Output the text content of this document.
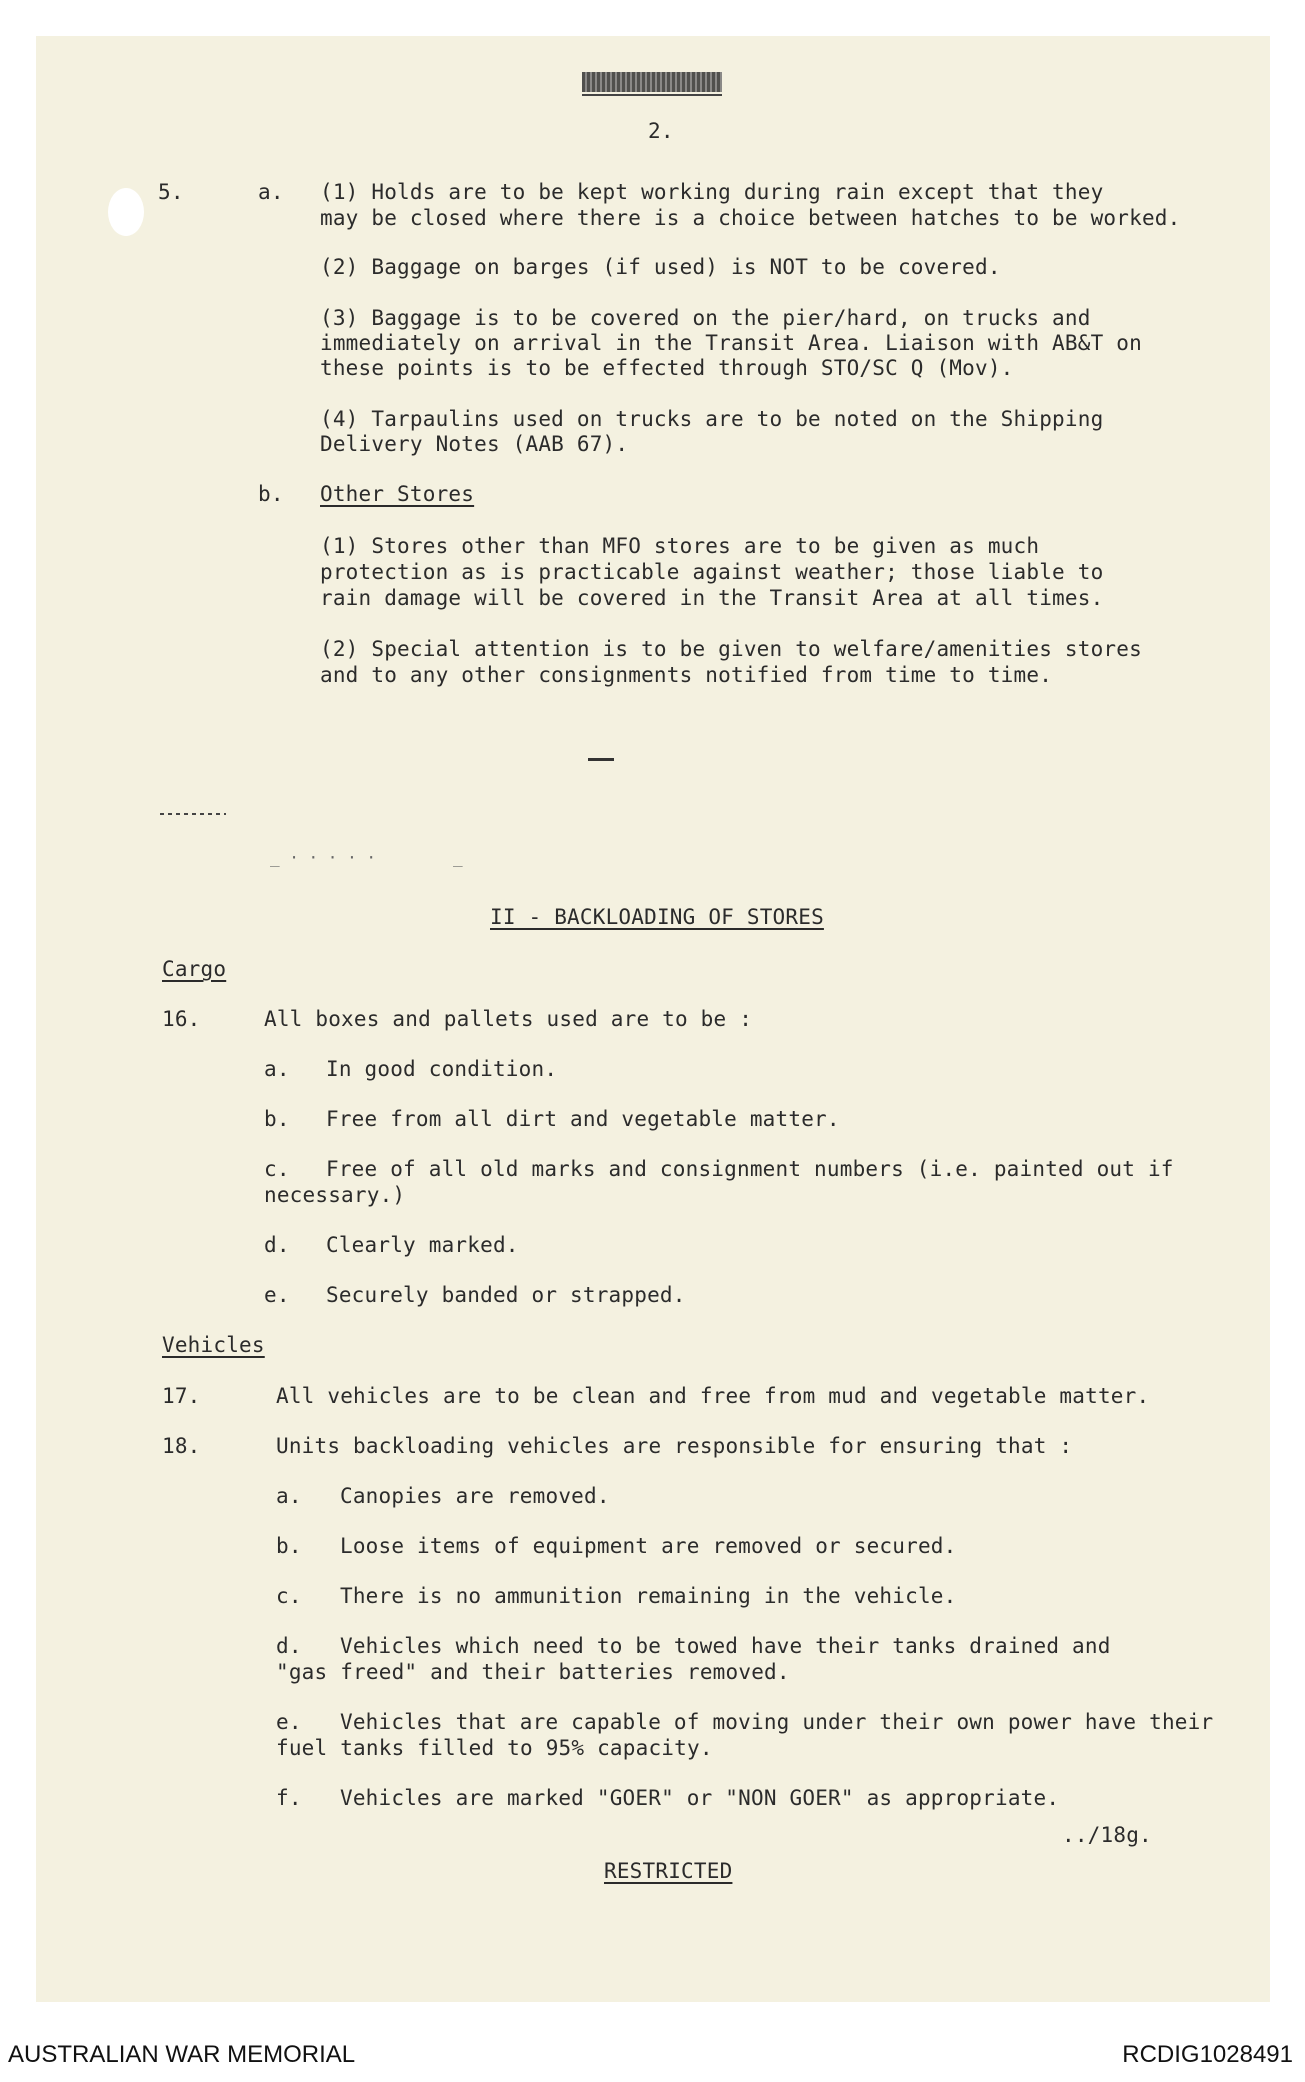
2.
5.	a. (1) Holds are to be kept working during rain except that they
may be closed where there is a choice between hatches to be worked.
(2) Baggage on barges (if used) is NOT to be covered.
(3) Baggage is to be covered on the pier/hard, on trucks and
immediately on arrival in the Transit Area. Liaison with AB&T on
these points is to be effected through STO/SC Q (Mov).
(4) Tarpaulins used on trucks are to be noted on the Shipping
Delivery Notes (AAB 67).
b. Other Stores
(1) Stores other than MFO stores are to be given as much
protection as is practicable against weather; those liable to
rain damage will be covered in the Transit Area at all times.
(2) Special attention is to be given to welfare/amenities stores
and to any other consignments notified from time to time.
_ · · · · ·        _
II - BACKLOADING OF STORES
Cargo
16.	All boxes and pallets used are to be :
a. In good condition.
b. Free from all dirt and vegetable matter.
c. Free of all old marks and consignment numbers (i.e. painted out if
necessary.)
d. Clearly marked.
e. Securely banded or strapped.
Vehicles
17.	All vehicles are to be clean and free from mud and vegetable matter.
18.	Units backloading vehicles are responsible for ensuring that :
a. Canopies are removed.
b. Loose items of equipment are removed or secured.
c. There is no ammunition remaining in the vehicle.
d. Vehicles which need to be towed have their tanks drained and
"gas freed" and their batteries removed.
e. Vehicles that are capable of moving under their own power have their
fuel tanks filled to 95% capacity.
f. Vehicles are marked "GOER" or "NON GOER" as appropriate.
../18g.
RESTRICTED
AUSTRALIAN WAR MEMORIAL	RCDIG1028491
